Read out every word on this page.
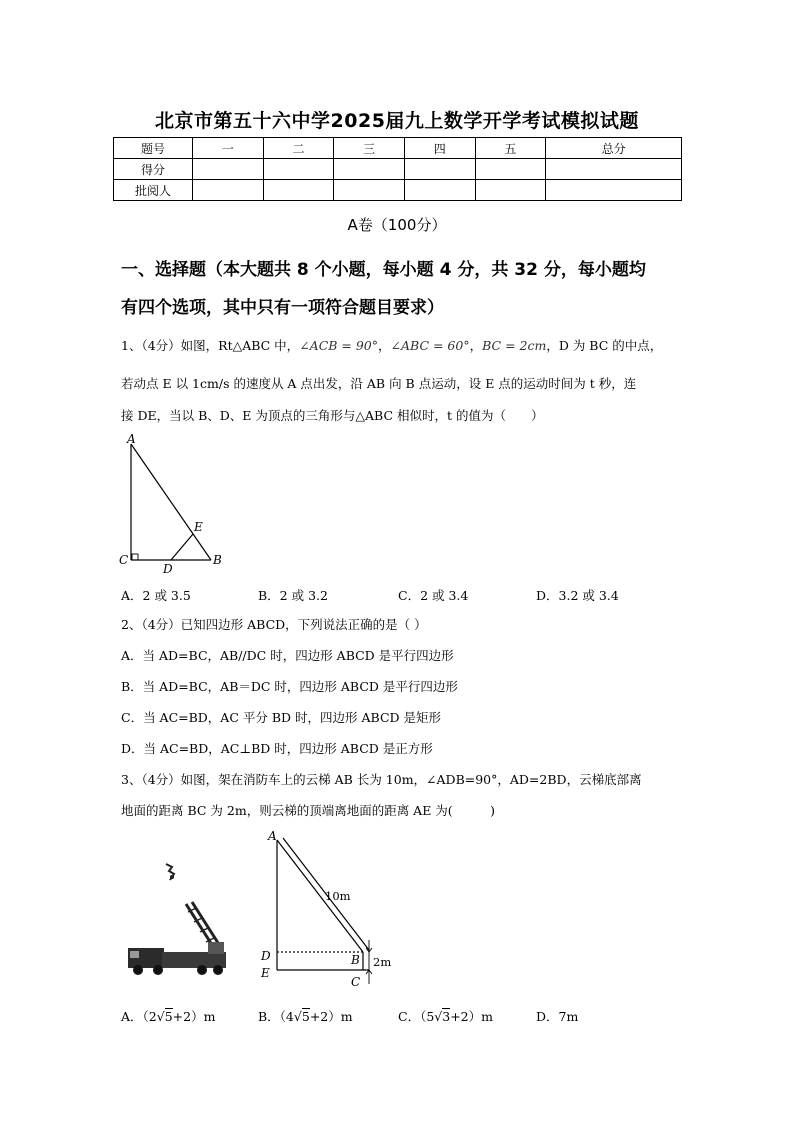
北京市第五十六中学2025届九上数学开学考试模拟试题
题号	一	二	三	四	五	总分
得分						
批阅人						
A卷（100分）
一、选择题（本大题共 8 个小题，每小题 4 分，共 32 分，每小题均
有四个选项，其中只有一项符合题目要求）
1、（4分）如图，Rt△ABC 中，∠ACB = 90°，∠ABC = 60°，BC = 2cm，D 为 BC 的中点，
若动点 E 以 1cm/s 的速度从 A 点出发，沿 AB 向 B 点运动，设 E 点的运动时间为 t 秒，连
接 DE，当以 B、D、E 为顶点的三角形与△ABC 相似时，t 的值为（　　）
A
B
C
D
E
A．2 或 3.5	B．2 或 3.2	C．2 或 3.4	D．3.2 或 3.4
2、（4分）已知四边形 ABCD，下列说法正确的是（ ）
A．当 AD=BC，AB//DC 时，四边形 ABCD 是平行四边形
B．当 AD=BC，AB＝DC 时，四边形 ABCD 是平行四边形
C．当 AC=BD，AC 平分 BD 时，四边形 ABCD 是矩形
D．当 AC=BD，AC⊥BD 时，四边形 ABCD 是正方形
3、（4分）如图，架在消防车上的云梯 AB 长为 10m，∠ADB=90°，AD=2BD，云梯底部离
地面的距离 BC 为 2m，则云梯的顶端离地面的距离 AE 为(　　　)
A
B
C
D
E
10m
2m
A．（2√5+2）m	B．（4√5+2）m	C．（5√3+2）m	D．7m
